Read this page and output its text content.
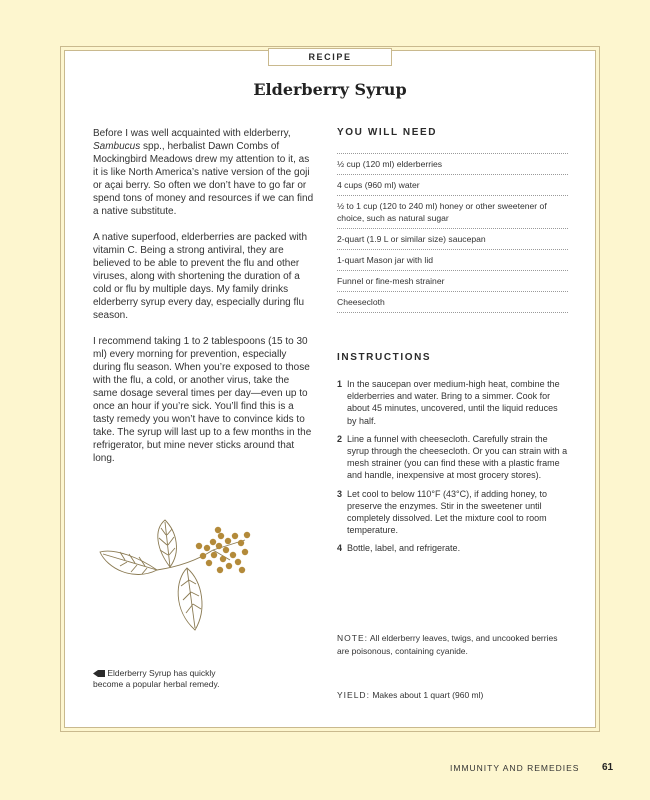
RECIPE
Elderberry Syrup

Before I was well acquainted with elderberry, Sambucus spp., herbalist Dawn Combs of Mockingbird Meadows drew my attention to it, as it is like North America’s native version of the goji or açai berry. So often we don’t have to go far or spend tons of money and resources if we can find a native substitute.

A native superfood, elderberries are packed with vitamin C. Being a strong antiviral, they are believed to be able to prevent the flu and other viruses, along with shortening the duration of a cold or flu by multiple days. My family drinks elderberry syrup every day, especially during flu season.

I recommend taking 1 to 2 tablespoons (15 to 30 ml) every morning for prevention, especially during flu season. When you’re exposed to those with the flu, a cold, or another virus, take the same dosage several times per day—even up to once an hour if you’re sick. You’ll find this is a tasty remedy you won’t have to convince kids to take. The syrup will last up to a few months in the refrigerator, but mine never sticks around that long.

YOU WILL NEED
½ cup (120 ml) elderberries
4 cups (960 ml) water
½ to 1 cup (120 to 240 ml) honey or other sweetener of choice, such as natural sugar
2-quart (1.9 L or similar size) saucepan
1-quart Mason jar with lid
Funnel or fine-mesh strainer
Cheesecloth
INSTRUCTIONS
1 In the saucepan over medium-high heat, combine the elderberries and water. Bring to a simmer. Cook for about 45 minutes, uncovered, until the liquid reduces by half.
2 Line a funnel with cheesecloth. Carefully strain the syrup through the cheesecloth. Or you can strain with a mesh strainer (you can find these with a plastic frame and handle, inexpensive at most grocery stores).
3 Let cool to below 110°F (43°C), if adding honey, to preserve the enzymes. Stir in the sweetener until completely dissolved. Let the mixture cool to room temperature.
4 Bottle, label, and refrigerate.
NOTE: All elderberry leaves, twigs, and uncooked berries are poisonous, containing cyanide.
YIELD: Makes about 1 quart (960 ml)
Elderberry Syrup has quickly become a popular herbal remedy.
IMMUNITY AND REMEDIES 61
